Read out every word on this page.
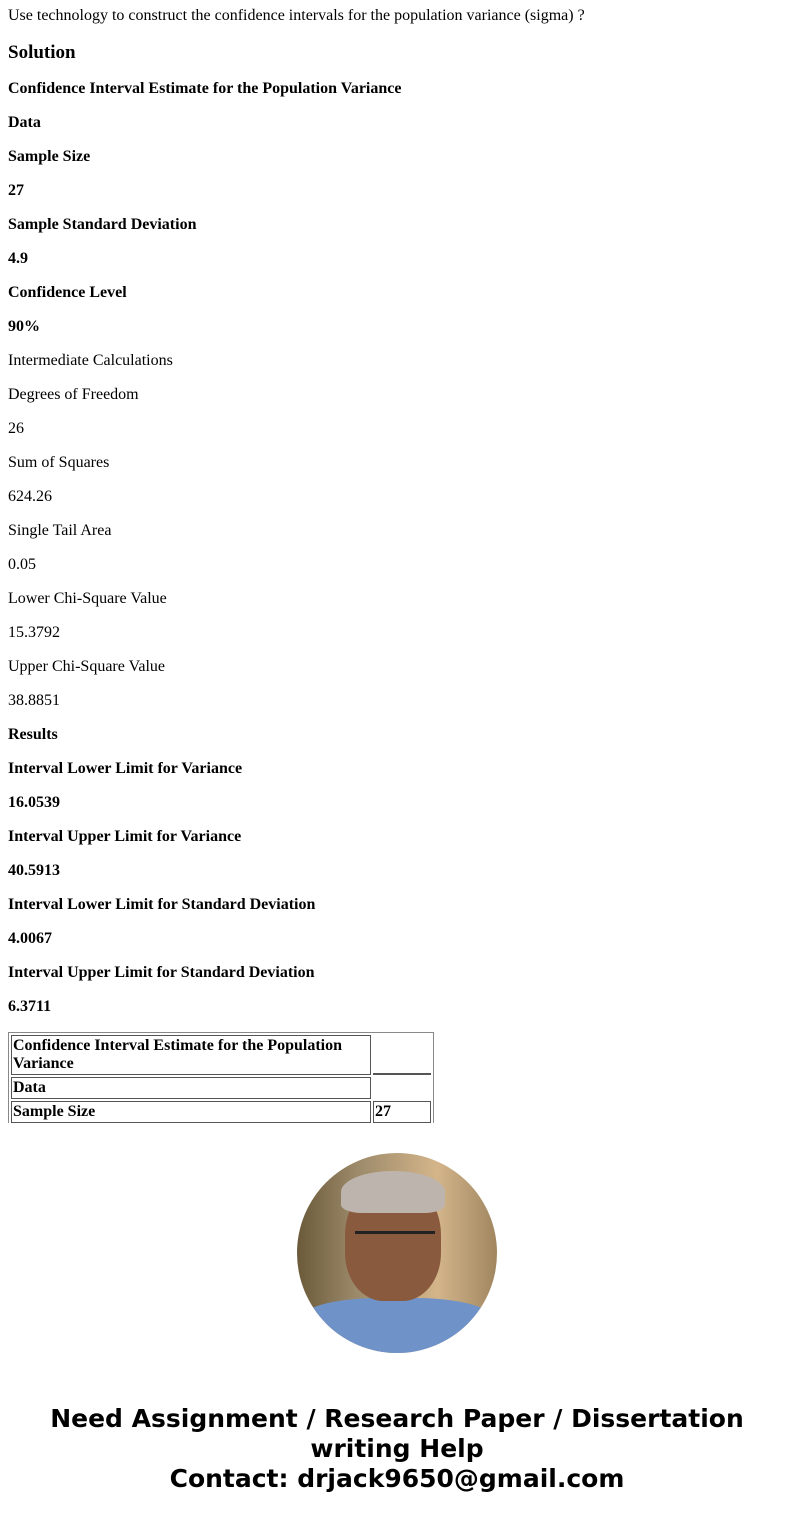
Use technology to construct the confidence intervals for the population variance (sigma) ?

Solution

Confidence Interval Estimate for the Population Variance

Data

Sample Size

27

Sample Standard Deviation

4.9

Confidence Level

90%

Intermediate Calculations

Degrees of Freedom

26

Sum of Squares

624.26

Single Tail Area

0.05

Lower Chi-Square Value

15.3792

Upper Chi-Square Value

38.8851

Results

Interval Lower Limit for Variance

16.0539

Interval Upper Limit for Variance

40.5913

Interval Lower Limit for Standard Deviation

4.0067

Interval Upper Limit for Standard Deviation

6.3711

Confidence Interval Estimate for the Population Variance	
Data	
Sample Size	27

Need Assignment / Research Paper / Dissertation writing Help
Contact: drjack9650@gmail.com
